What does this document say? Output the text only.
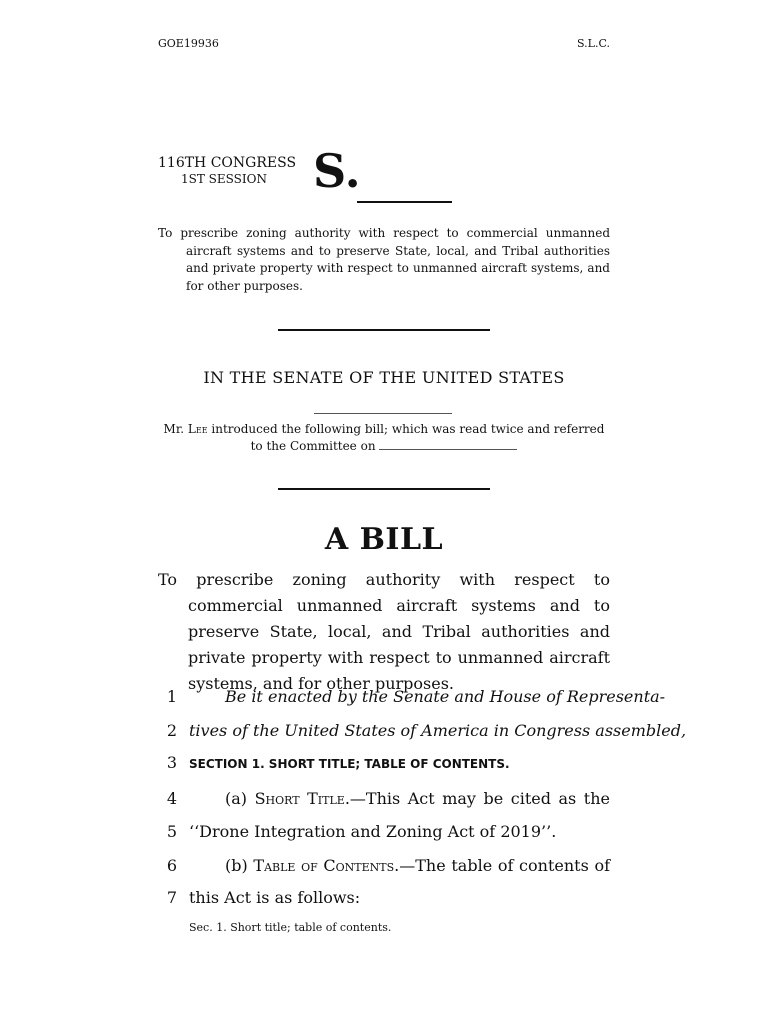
GOE19936	S.L.C.
116TH CONGRESS
1ST SESSION S.
To prescribe zoning authority with respect to commercial unmanned aircraft systems and to preserve State, local, and Tribal authorities and private property with respect to unmanned aircraft systems, and for other purposes.
IN THE SENATE OF THE UNITED STATES
Mr. Lee introduced the following bill; which was read twice and referred to the Committee on
A BILL
To prescribe zoning authority with respect to commercial unmanned aircraft systems and to preserve State, local, and Tribal authorities and private property with respect to unmanned aircraft systems, and for other purposes.
1	Be it enacted by the Senate and House of Representa-
2 tives of the United States of America in Congress assembled,
3 SECTION 1. SHORT TITLE; TABLE OF CONTENTS.
4	(a) Short Title.—This Act may be cited as the
5 ‘‘Drone Integration and Zoning Act of 2019’’.
6	(b) Table of Contents.—The table of contents of
7 this Act is as follows:
Sec. 1. Short title; table of contents.
